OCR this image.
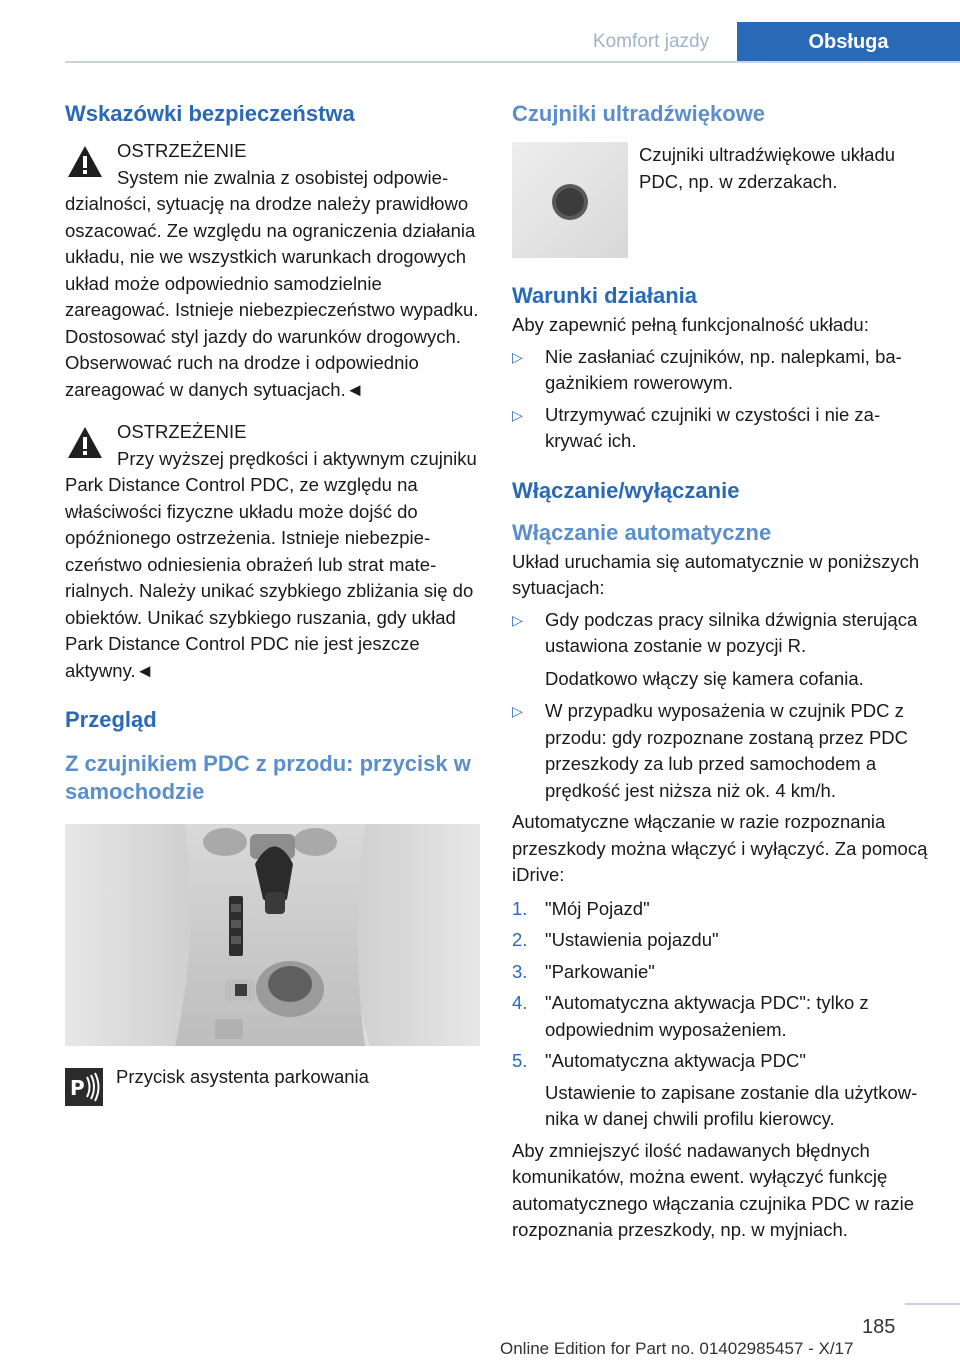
Komfort jazdy	Obsługa
Wskazówki bezpieczeństwa
OSTRZEŻENIE
System nie zwalnia z osobistej odpowiedzialności, sytuację na drodze należy prawidłowo oszacować. Ze względu na ograniczenia działania układu, nie we wszystkich warunkach drogowych układ może odpowiednio samodzielnie zareagować. Istnieje niebezpieczeństwo wypadku. Dostosować styl jazdy do warunków drogowych. Obserwować ruch na drodze i odpowiednio zareagować w danych sytuacjach.◄
OSTRZEŻENIE
Przy wyższej prędkości i aktywnym czujniku Park Distance Control PDC, ze względu na właściwości fizyczne układu może dojść do opóźnionego ostrzeżenia. Istnieje niebezpieczeństwo odniesienia obrażeń lub strat materialnych. Należy unikać szybkiego zbliżania się do obiektów. Unikać szybkiego ruszania, gdy układ Park Distance Control PDC nie jest jeszcze aktywny.◄
Przegląd
Z czujnikiem PDC z przodu: przycisk w samochodzie
P Przycisk asystenta parkowania
Czujniki ultradźwiękowe
Czujniki ultradźwiękowe układu PDC, np. w zderzakach.
Warunki działania
Aby zapewnić pełną funkcjonalność układu:
▷ Nie zasłaniać czujników, np. nalepkami, bagażnikiem rowerowym.
▷ Utrzymywać czujniki w czystości i nie zakrywać ich.
Włączanie/wyłączanie
Włączanie automatyczne
Układ uruchamia się automatycznie w poniższych sytuacjach:
▷ Gdy podczas pracy silnika dźwignia sterująca ustawiona zostanie w pozycji R.
Dodatkowo włączy się kamera cofania.
▷ W przypadku wyposażenia w czujnik PDC z przodu: gdy rozpoznane zostaną przez PDC przeszkody za lub przed samochodem a prędkość jest niższa niż ok. 4 km/h.
Automatyczne włączanie w razie rozpoznania przeszkody można włączyć i wyłączyć. Za pomocą iDrive:
1. "Mój Pojazd"
2. "Ustawienia pojazdu"
3. "Parkowanie"
4. "Automatyczna aktywacja PDC": tylko z odpowiednim wyposażeniem.
5. "Automatyczna aktywacja PDC"
Ustawienie to zapisane zostanie dla użytkownika w danej chwili profilu kierowcy.
Aby zmniejszyć ilość nadawanych błędnych komunikatów, można ewent. wyłączyć funkcję automatycznego włączania czujnika PDC w razie rozpoznania przeszkody, np. w myjniach.
185
Online Edition for Part no. 01402985457 - X/17
